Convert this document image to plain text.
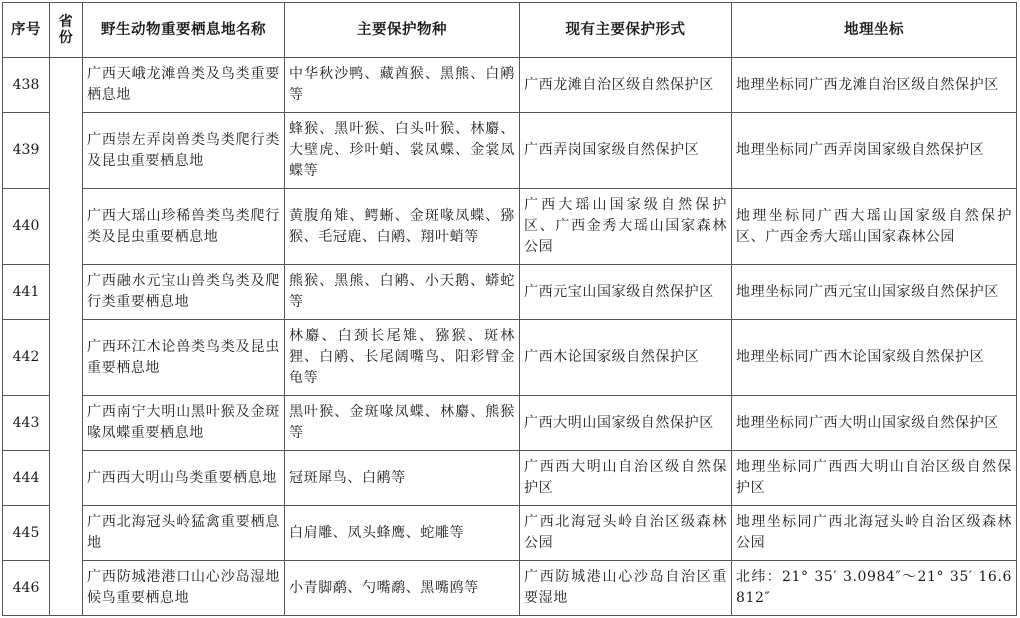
序号	省份	野生动物重要栖息地名称	主要保护物种	现有主要保护形式	地理坐标
438		广西天峨龙滩兽类及鸟类重要栖息地	中华秋沙鸭、藏酋猴、黑熊、白鹇等	广西龙滩自治区级自然保护区	地理坐标同广西龙滩自治区级自然保护区
439		广西崇左弄岗兽类鸟类爬行类及昆虫重要栖息地	蜂猴、黑叶猴、白头叶猴、林麝、大壁虎、珍叶蛸、裳凤蝶、金裳凤蝶等	广西弄岗国家级自然保护区	地理坐标同广西弄岗国家级自然保护区
440		广西大瑶山珍稀兽类鸟类爬行类及昆虫重要栖息地	黄腹角雉、鳄蜥、金斑喙凤蝶、猕猴、毛冠鹿、白鹇、翔叶蛸等	广西大瑶山国家级自然保护区、广西金秀大瑶山国家森林公园	地理坐标同广西大瑶山国家级自然保护区、广西金秀大瑶山国家森林公园
441		广西融水元宝山兽类鸟类及爬行类重要栖息地	熊猴、黑熊、白鹇、小天鹅、蟒蛇等	广西元宝山国家级自然保护区	地理坐标同广西元宝山国家级自然保护区
442		广西环江木论兽类鸟类及昆虫重要栖息地	林麝、白颈长尾雉、猕猴、斑林狸、白鹇、长尾阔嘴鸟、阳彩臂金龟等	广西木论国家级自然保护区	地理坐标同广西木论国家级自然保护区
443		广西南宁大明山黑叶猴及金斑喙凤蝶重要栖息地	黑叶猴、金斑喙凤蝶、林麝、熊猴等	广西大明山国家级自然保护区	地理坐标同广西大明山国家级自然保护区
444		广西西大明山鸟类重要栖息地	冠斑犀鸟、白鹇等	广西西大明山自治区级自然保护区	地理坐标同广西西大明山自治区级自然保护区
445		广西北海冠头岭猛禽重要栖息地	白肩雕、凤头蜂鹰、蛇雕等	广西北海冠头岭自治区级森林公园	地理坐标同广西北海冠头岭自治区级森林公园
446		广西防城港港口山心沙岛湿地候鸟重要栖息地	小青脚鹬、勺嘴鹬、黑嘴鸥等	广西防城港山心沙岛自治区重要湿地	北纬：21° 35′ 3.0984″～21° 35′ 16.6812″
